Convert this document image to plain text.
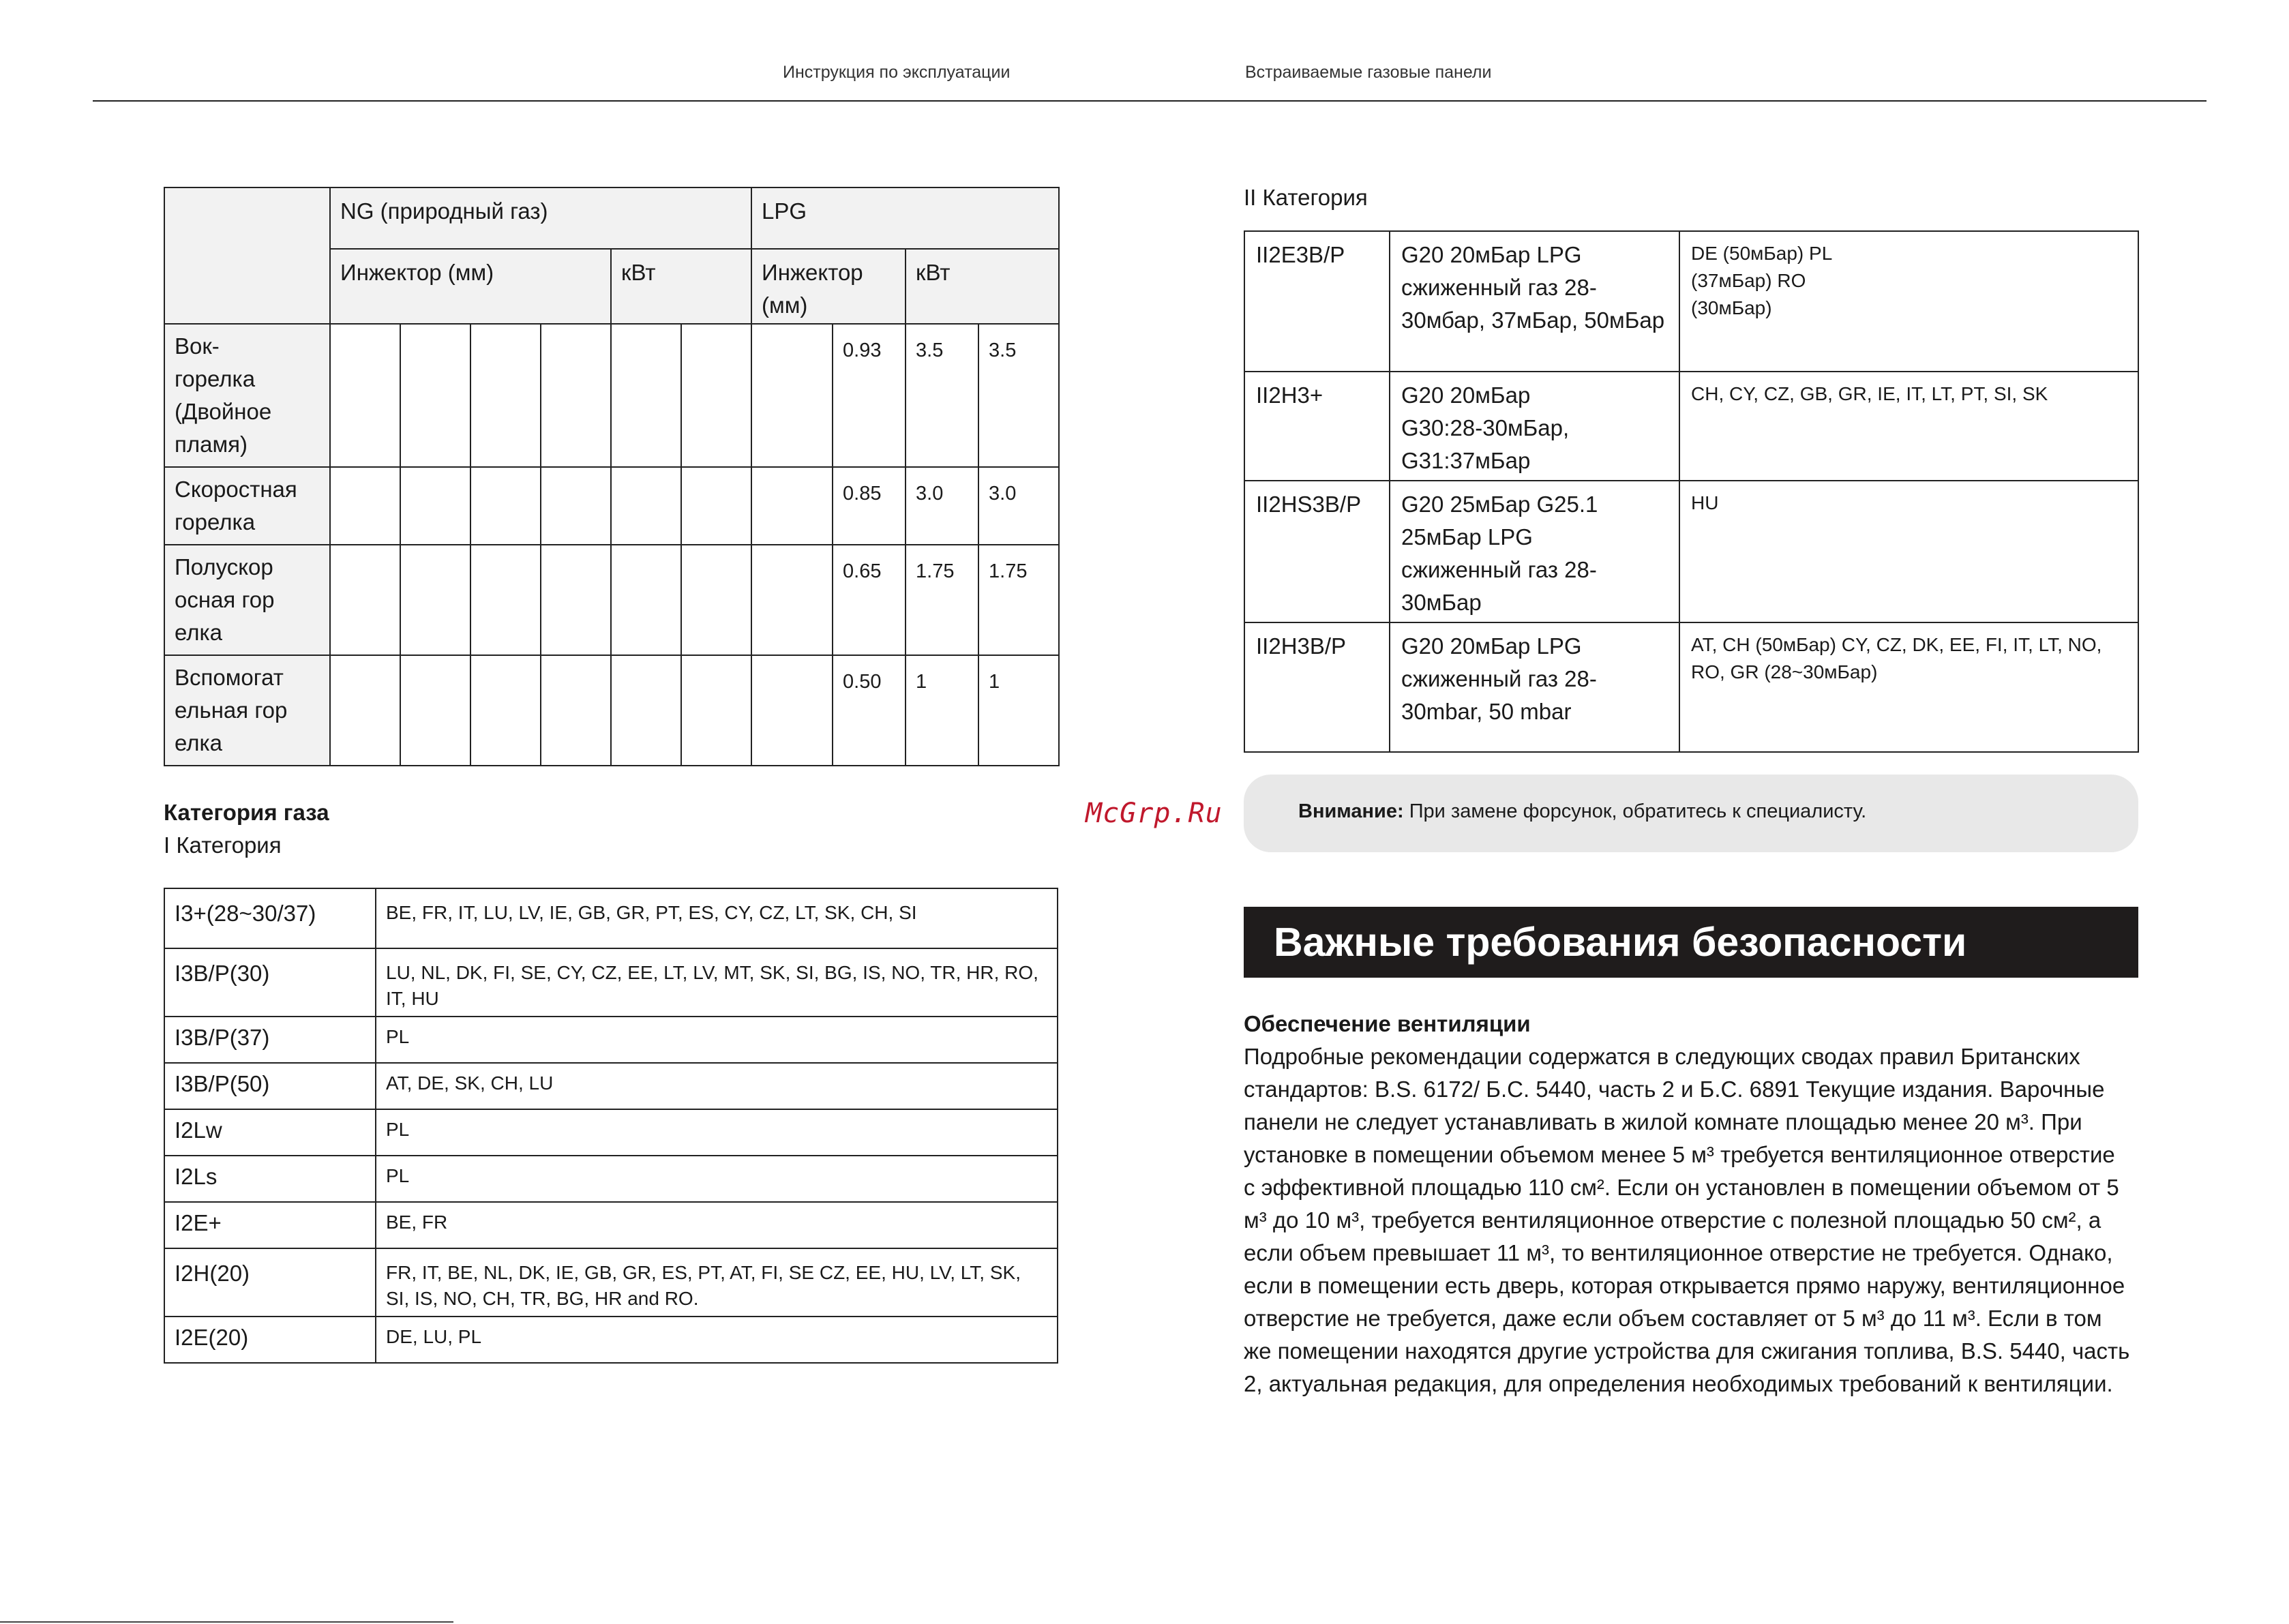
Инструкция по эксплуатации	Встраиваемые газовые панели
	NG (природный газ)						LPG			
	Инжектор (мм)				кВт		Инжектор (мм)		кВт	

Вок-горелка (Двойное пламя)								0.93	3.5	3.5

Скоростная горелка								0.85	3.0	3.0

Полускоросная горелка								0.65	1.75	1.75

Вспомогательная горелка								0.50	1	1
Категория газа
I Категория
I3+(28~30/37)	BE, FR, IT, LU, LV, IE, GB, GR, PT, ES, CY, CZ, LT, SK, CH, SI
I3B/P(30)	LU, NL, DK, FI, SE, CY, CZ, EE, LT, LV, MT, SK, SI, BG, IS, NO, TR, HR, RO, IT, HU
I3B/P(37)	PL
I3B/P(50)	AT, DE, SK, CH, LU
I2Lw	PL
I2Ls	PL
I2E+	BE, FR
I2H(20)	FR, IT, BE, NL, DK, IE, GB, GR, ES, PT, AT, FI, SE CZ, EE, HU, LV, LT, SK, SI, IS, NO, CH, TR, BG, HR and RO.
I2E(20)	DE, LU, PL
McGrp.Ru
II Категория
II2E3B/P	G20 20мБар LPG сжиженный газ 28-30мбар, 37мБар, 50мБар	DE (50мБар) PL (37мБар) RO (30мБар)

II2H3+	G20 20мБар G30:28-30мБар, G31:37мБар	CH, CY, CZ, GB, GR, IE, IT, LT, PT, SI, SK
II2HS3B/P	G20 25мБар G25.1 25мБар LPG сжиженный газ 28-30мБар	HU
II2H3B/P	G20 20мБар LPG сжиженный газ 28-30mbar, 50 mbar	AT, CH (50мБар) CY, CZ, DK, EE, FI, IT, LT, NO, RO, GR (28~30мБар)
Внимание: При замене форсунок, обратитесь к специалисту.
Важные требования безопасности
Обеспечение вентиляции
Подробные рекомендации содержатся в следующих сводах правил Британских стандартов: B.S. 6172/ Б.С. 5440, часть 2 и Б.С. 6891 Текущие издания. Варочные панели не следует устанавливать в жилой комнате площадью менее 20 м³. При установке в помещении объемом менее 5 м³ требуется вентиляционное отверстие с эффективной площадью 110 см². Если он установлен в помещении объемом от 5 м³ до 10 м³, требуется вентиляционное отверстие с полезной площадью 50 см², а если объем превышает 11 м³, то вентиляционное отверстие не требуется. Однако, если в помещении есть дверь, которая открывается прямо наружу, вентиляционное отверстие не требуется, даже если объем составляет от 5 м³ до 11 м³. Если в том же помещении находятся другие устройства для сжигания топлива, B.S. 5440, часть 2, актуальная редакция, для определения необходимых требований к вентиляции.
